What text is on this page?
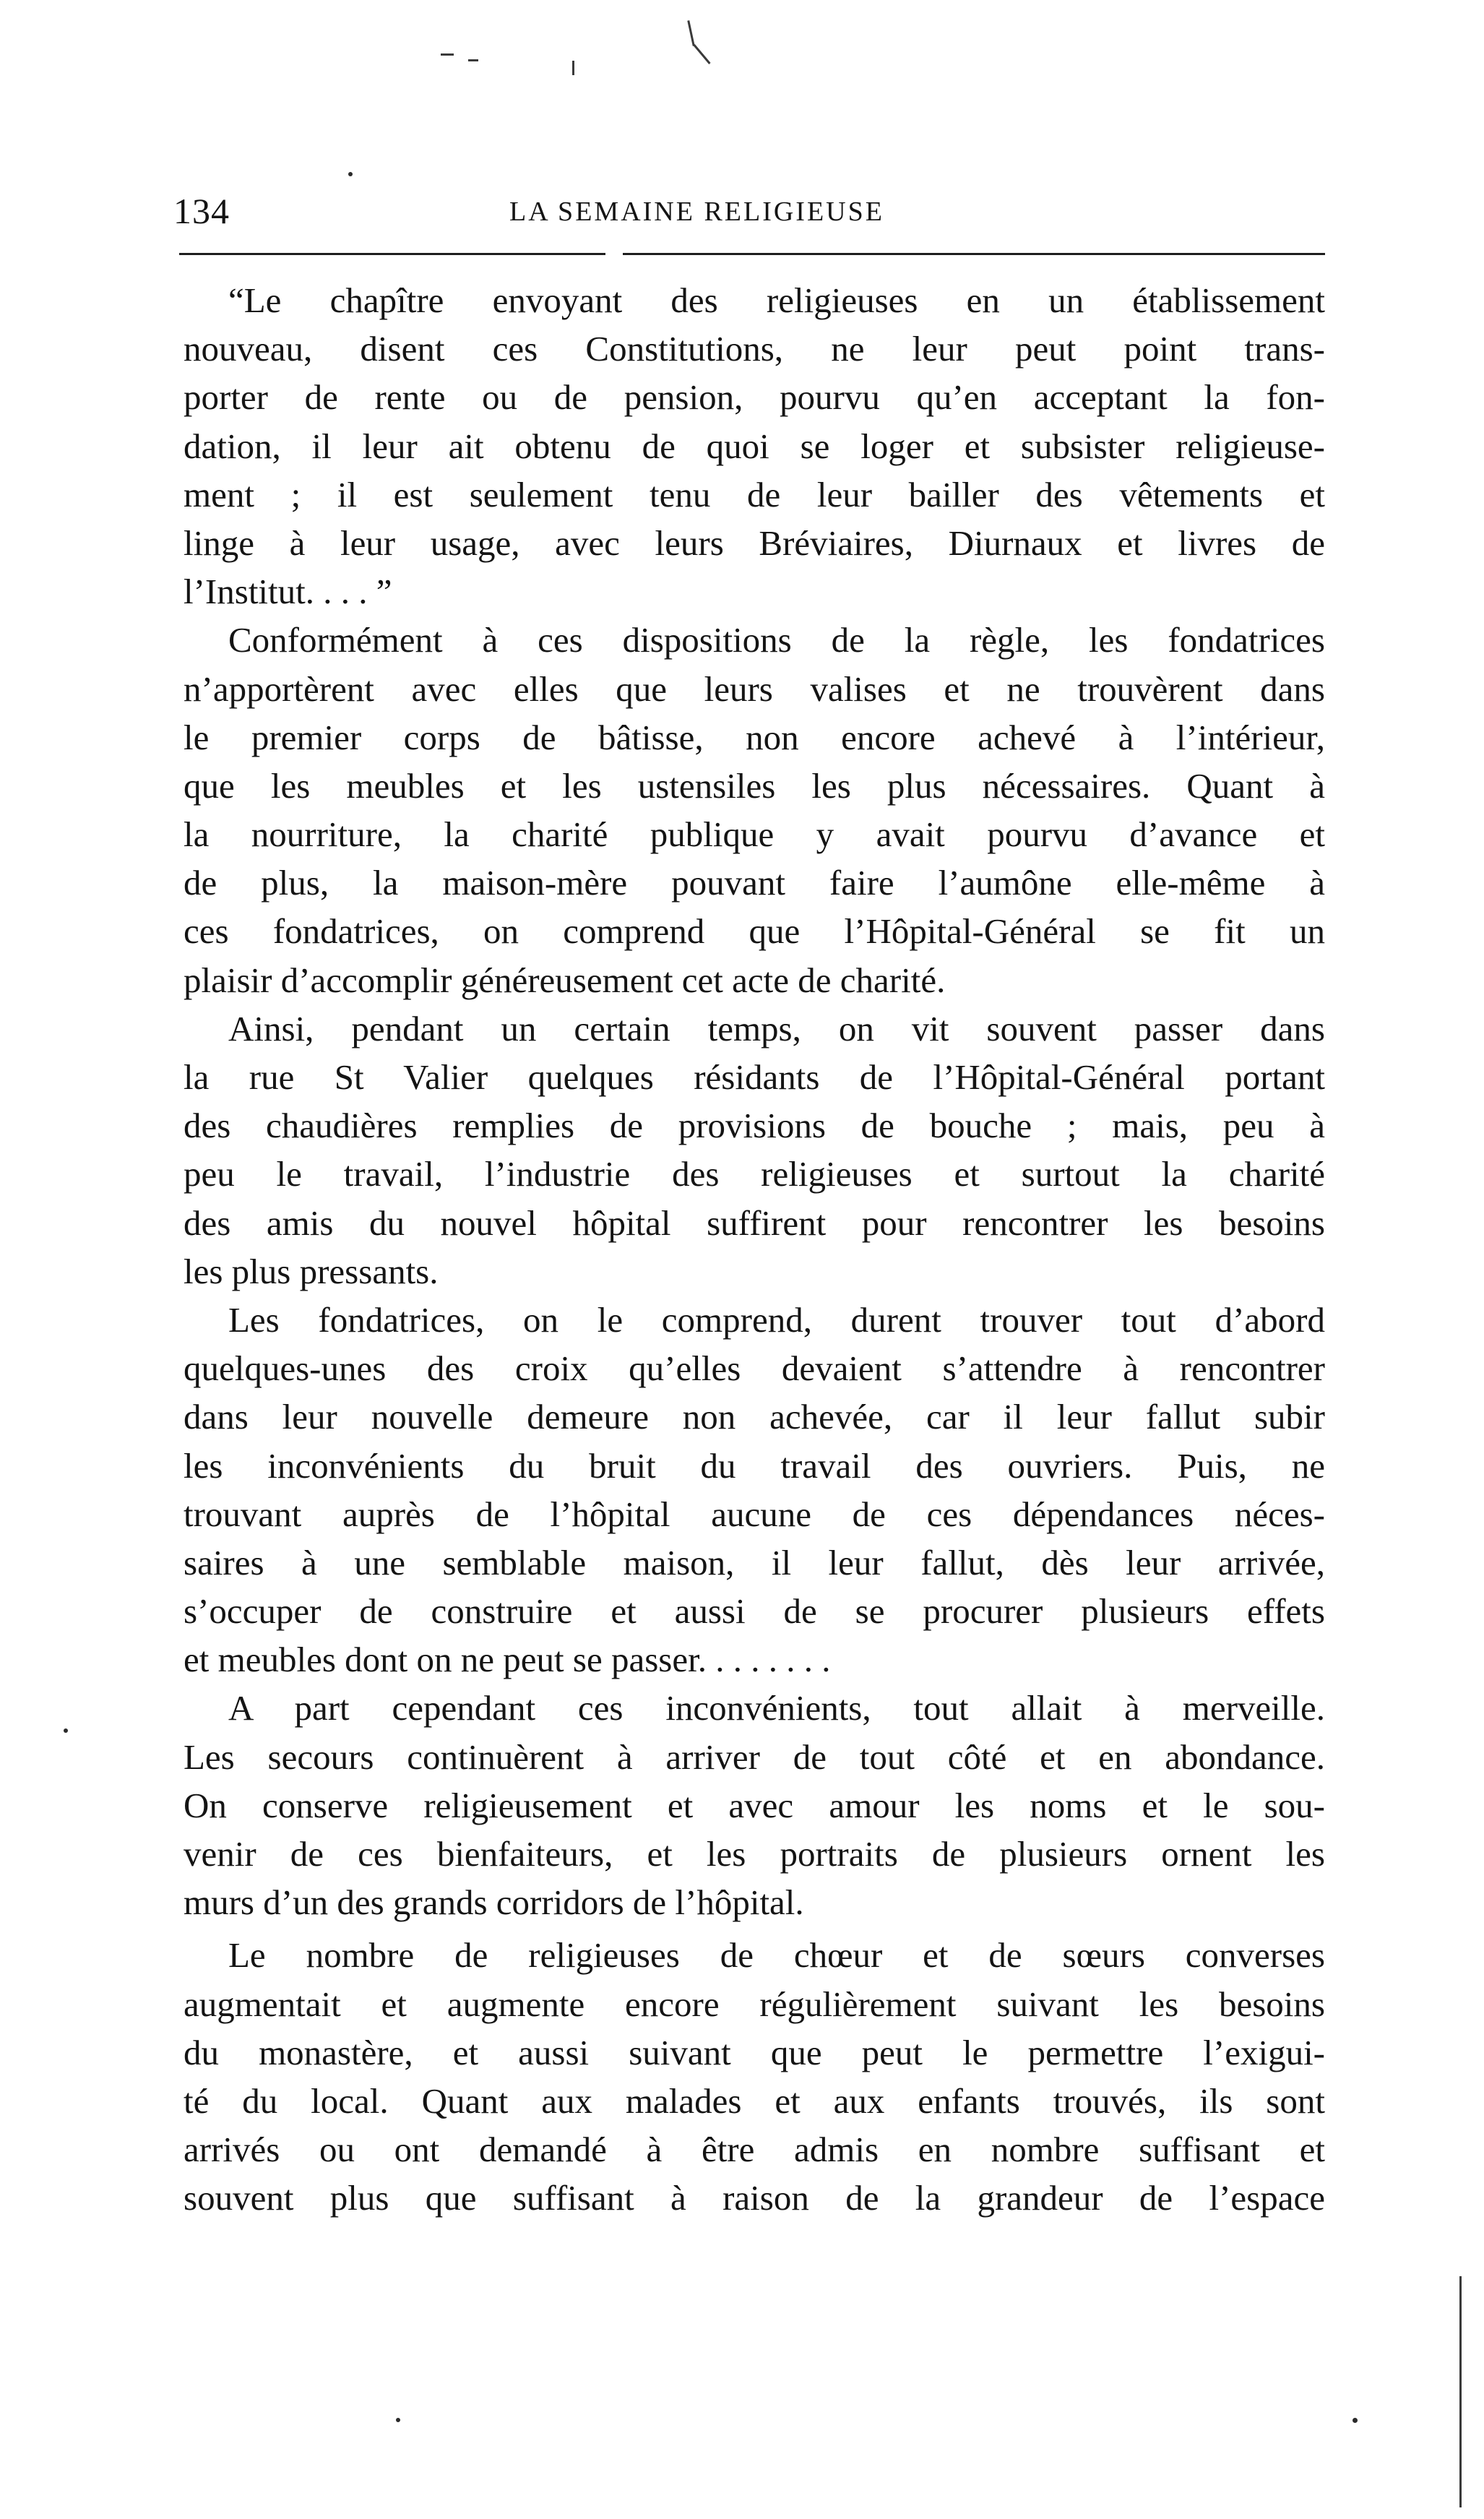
134	LA SEMAINE RELIGIEUSE
“Le chapître envoyant des religieuses en un établissement
nouveau, disent ces Constitutions, ne leur peut point trans-
porter de rente ou de pension, pourvu qu’en acceptant la fon-
dation, il leur ait obtenu de quoi se loger et subsister religieuse-
ment ; il est seulement tenu de leur bailler des vêtements et
linge à leur usage, avec leurs Bréviaires, Diurnaux et livres de
l’Institut. . . . ”
Conformément à ces dispositions de la règle, les fondatrices
n’apportèrent avec elles que leurs valises et ne trouvèrent dans
le premier corps de bâtisse, non encore achevé à l’intérieur,
que les meubles et les ustensiles les plus nécessaires. Quant à
la nourriture, la charité publique y avait pourvu d’avance et
de plus, la maison-mère pouvant faire l’aumône elle-même à
ces fondatrices, on comprend que l’Hôpital-Général se fit un
plaisir d’accomplir généreusement cet acte de charité.
Ainsi, pendant un certain temps, on vit souvent passer dans
la rue St Valier quelques résidants de l’Hôpital-Général portant
des chaudières remplies de provisions de bouche ; mais, peu à
peu le travail, l’industrie des religieuses et surtout la charité
des amis du nouvel hôpital suffirent pour rencontrer les besoins
les plus pressants.
Les fondatrices, on le comprend, durent trouver tout d’abord
quelques-unes des croix qu’elles devaient s’attendre à rencontrer
dans leur nouvelle demeure non achevée, car il leur fallut subir
les inconvénients du bruit du travail des ouvriers. Puis, ne
trouvant auprès de l’hôpital aucune de ces dépendances néces-
saires à une semblable maison, il leur fallut, dès leur arrivée,
s’occuper de construire et aussi de se procurer plusieurs effets
et meubles dont on ne peut se passer. . . . . . . .
A part cependant ces inconvénients, tout allait à merveille.
Les secours continuèrent à arriver de tout côté et en abondance.
On conserve religieusement et avec amour les noms et le sou-
venir de ces bienfaiteurs, et les portraits de plusieurs ornent les
murs d’un des grands corridors de l’hôpital.
Le nombre de religieuses de chœur et de sœurs converses
augmentait et augmente encore régulièrement suivant les besoins
du monastère, et aussi suivant que peut le permettre l’exigui-
té du local. Quant aux malades et aux enfants trouvés, ils sont
arrivés ou ont demandé à être admis en nombre suffisant et
souvent plus que suffisant à raison de la grandeur de l’espace
